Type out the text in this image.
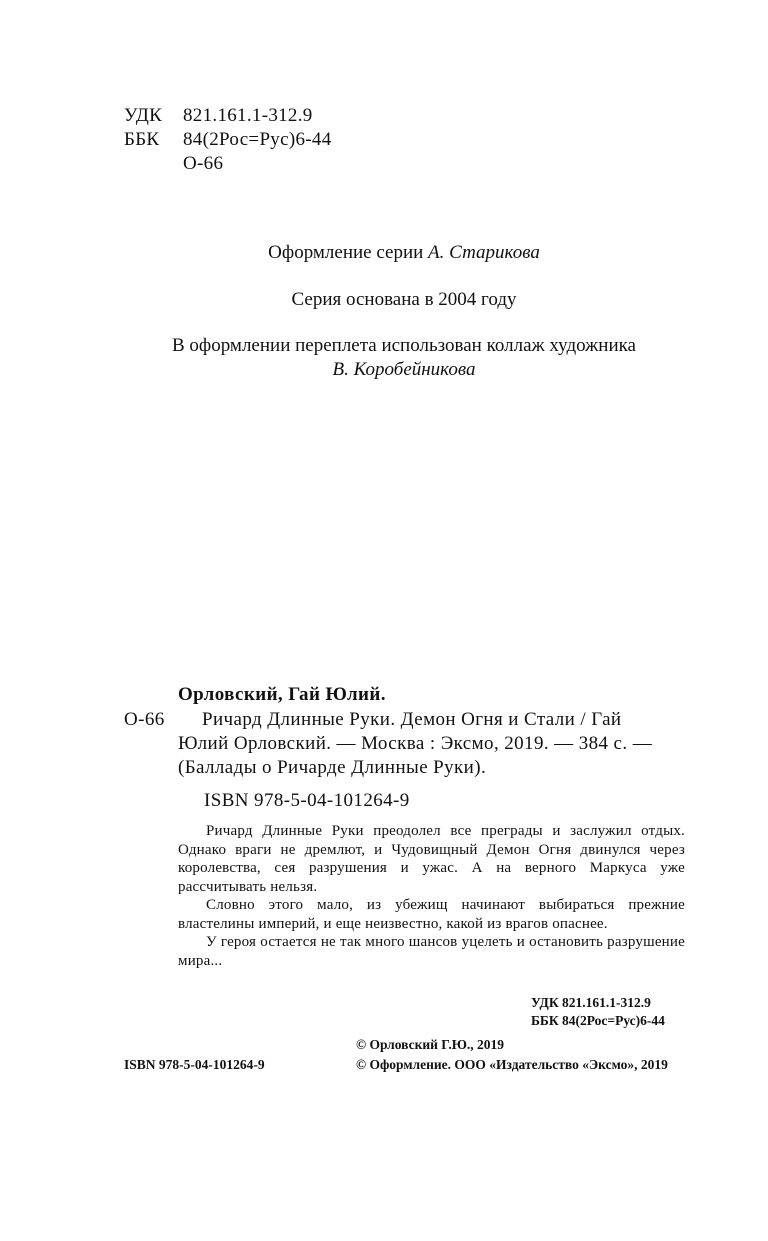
УДК 821.161.1-312.9
ББК 84(2Рос=Рус)6-44
О-66
Оформление серии А. Старикова
Серия основана в 2004 году
В оформлении переплета использован коллаж художника
В. Коробейникова
Орловский, Гай Юлий.
О-66 Ричард Длинные Руки. Демон Огня и Стали / Гай
Юлий Орловский. — Москва : Эксмо, 2019. — 384 с. —
(Баллады о Ричарде Длинные Руки).
ISBN 978-5-04-101264-9

Ричард Длинные Руки преодолел все преграды и заслужил отдых. Однако враги не дремлют, и Чудовищный Демон Огня двинулся через королевства, сея разрушения и ужас. А на верного Маркуса уже рассчитывать нельзя.

Словно этого мало, из убежищ начинают выбираться прежние властелины империй, и еще неизвестно, какой из врагов опаснее.

У героя остается не так много шансов уцелеть и остановить разрушение мира...

УДК 821.161.1-312.9
ББК 84(2Рос=Рус)6-44
© Орловский Г.Ю., 2019
© Оформление. ООО «Издательство «Эксмо», 2019
ISBN 978-5-04-101264-9
